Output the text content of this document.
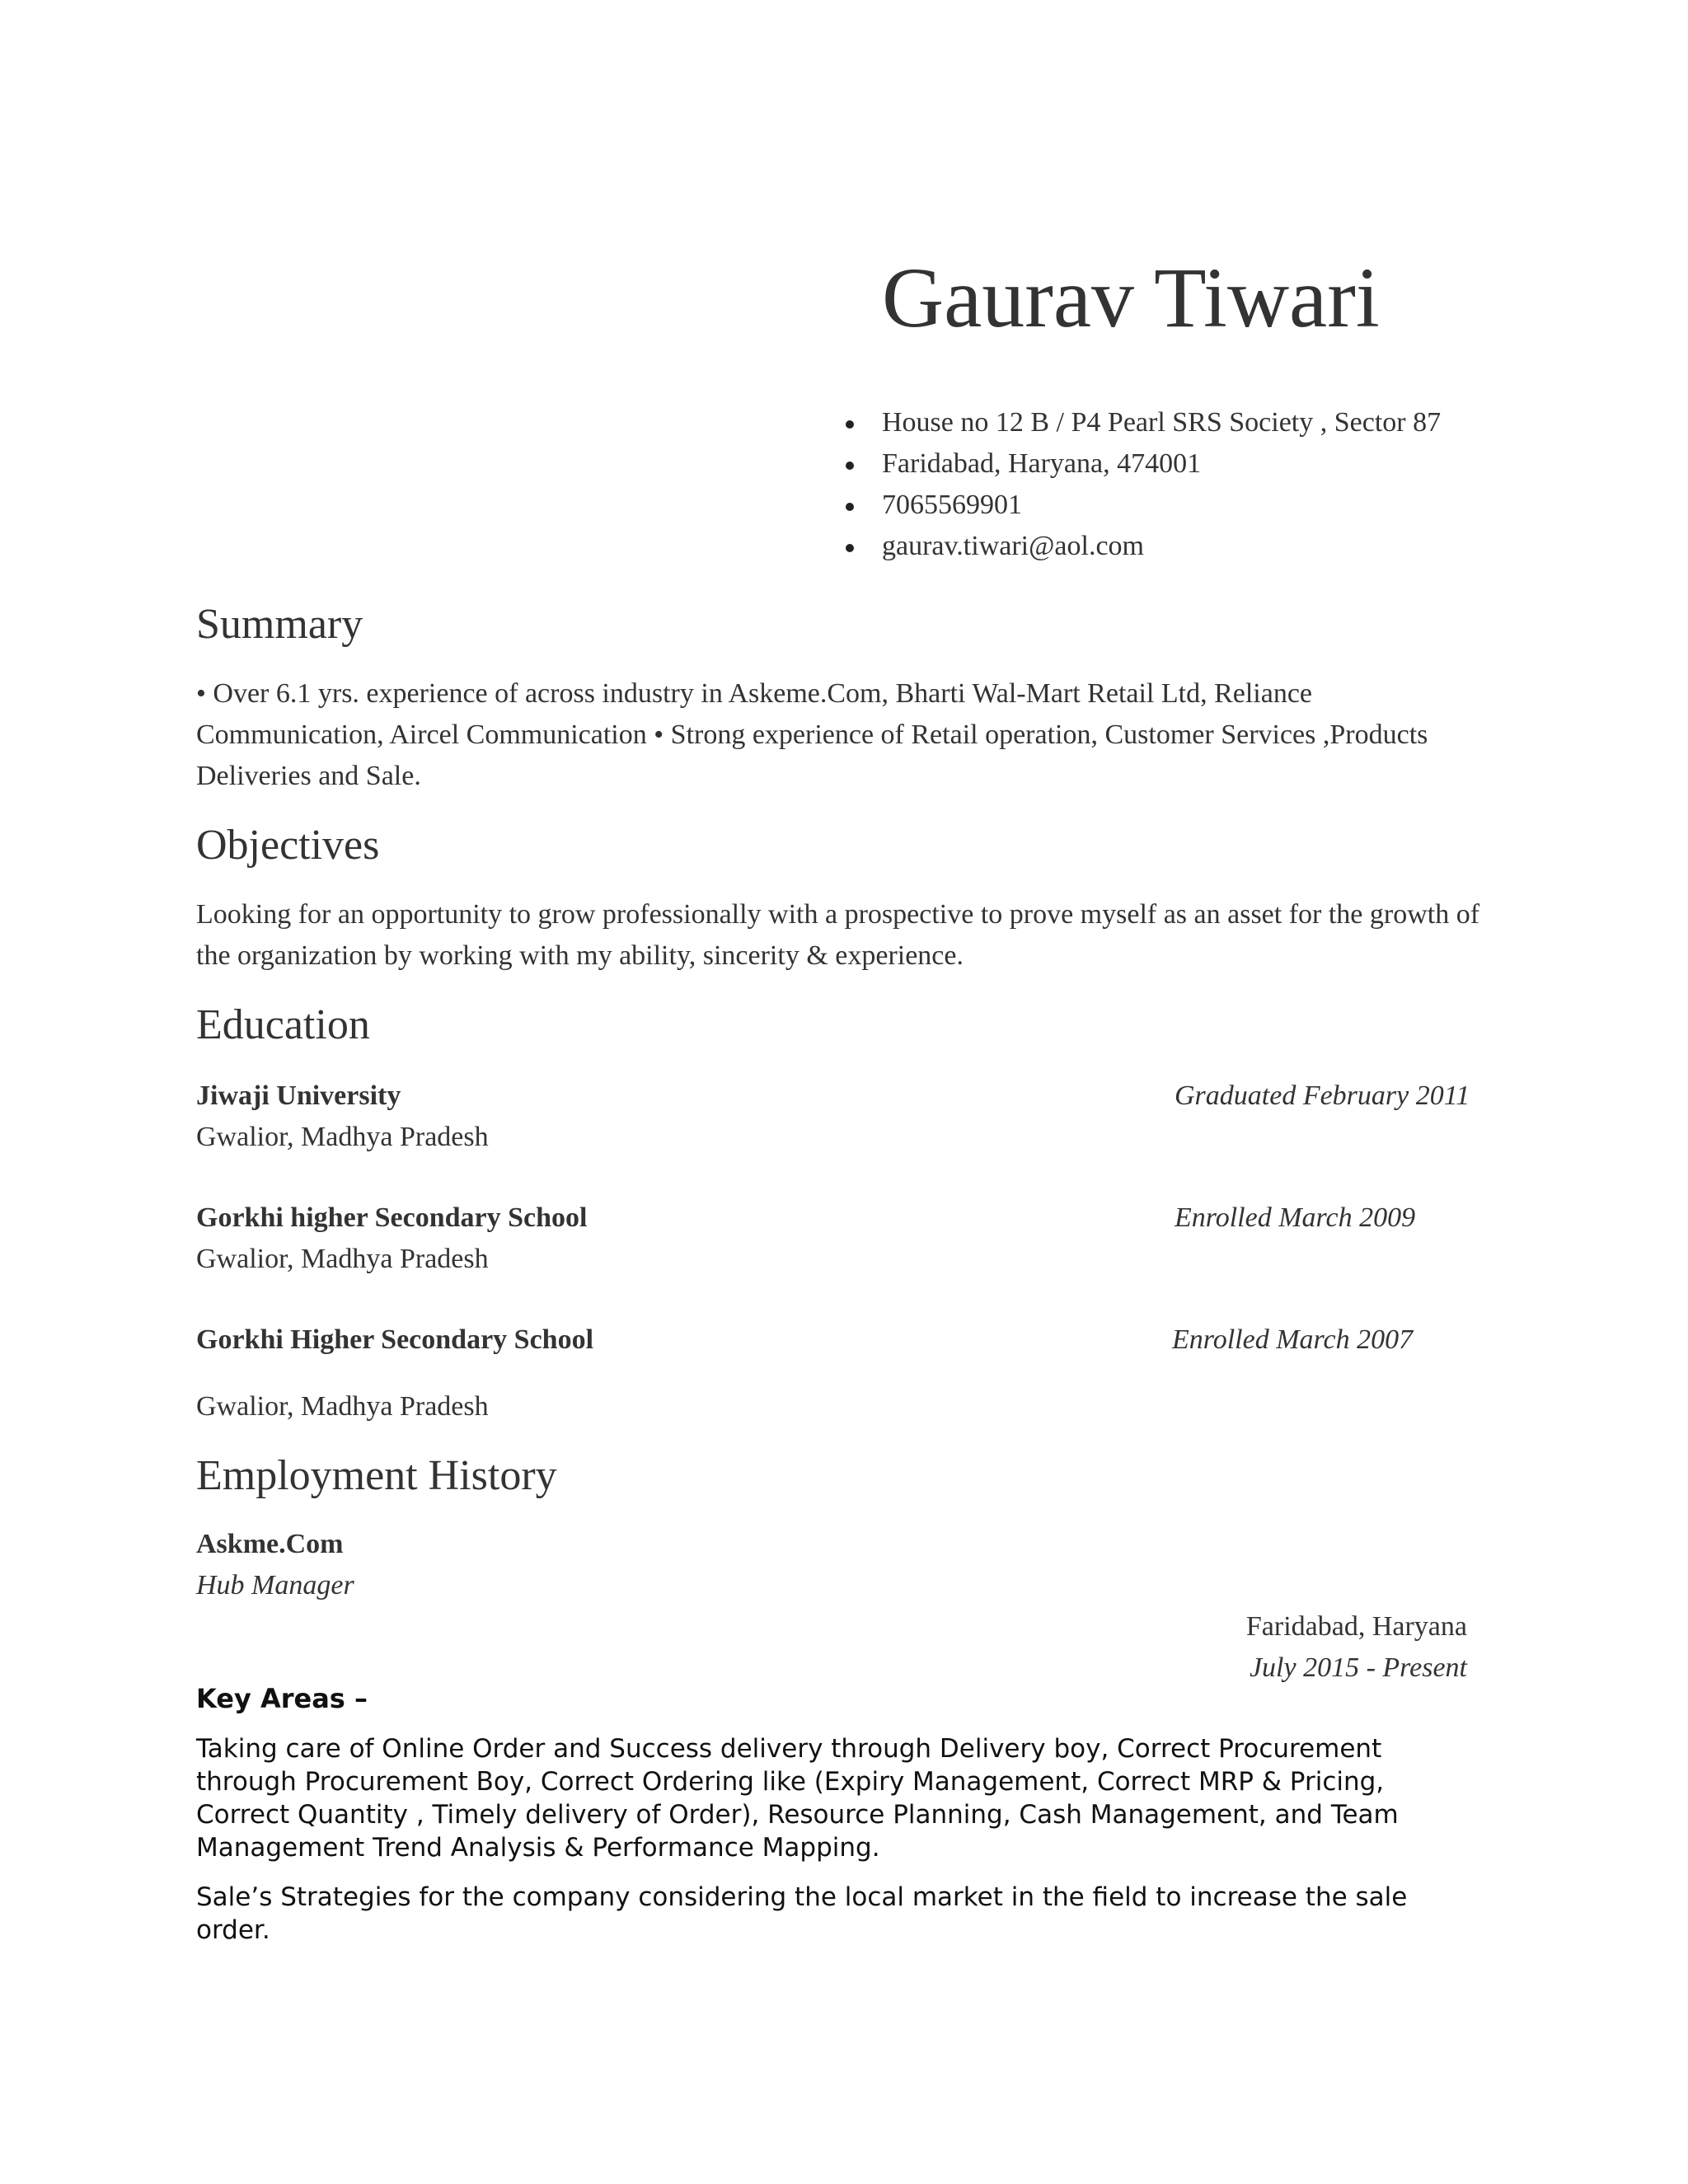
Gaurav Tiwari
House no 12 B / P4 Pearl SRS Society , Sector 87
Faridabad, Haryana, 474001
7065569901
gaurav.tiwari@aol.com
Summary
• Over 6.1 yrs. experience of across industry in Askeme.Com, Bharti Wal-Mart Retail Ltd, Reliance Communication, Aircel Communication • Strong experience of Retail operation, Customer Services ,Products Deliveries and Sale.
Objectives
Looking for an opportunity to grow professionally with a prospective to prove myself as an asset for the growth of the organization by working with my ability, sincerity & experience.
Education
Jiwaji University	Graduated February 2011
Gwalior, Madhya Pradesh
Gorkhi higher Secondary School	Enrolled March 2009
Gwalior, Madhya Pradesh
Gorkhi Higher Secondary School	Enrolled March 2007
Gwalior, Madhya Pradesh
Employment History
Askme.Com
Hub Manager
Faridabad, Haryana
July 2015 - Present
Key Areas –
Taking care of Online Order and Success delivery through Delivery boy, Correct Procurement through Procurement Boy, Correct Ordering like (Expiry Management, Correct MRP & Pricing, Correct Quantity , Timely delivery of Order), Resource Planning, Cash Management, and Team Management Trend Analysis & Performance Mapping.
Sale’s Strategies for the company considering the local market in the field to increase the sale order.
